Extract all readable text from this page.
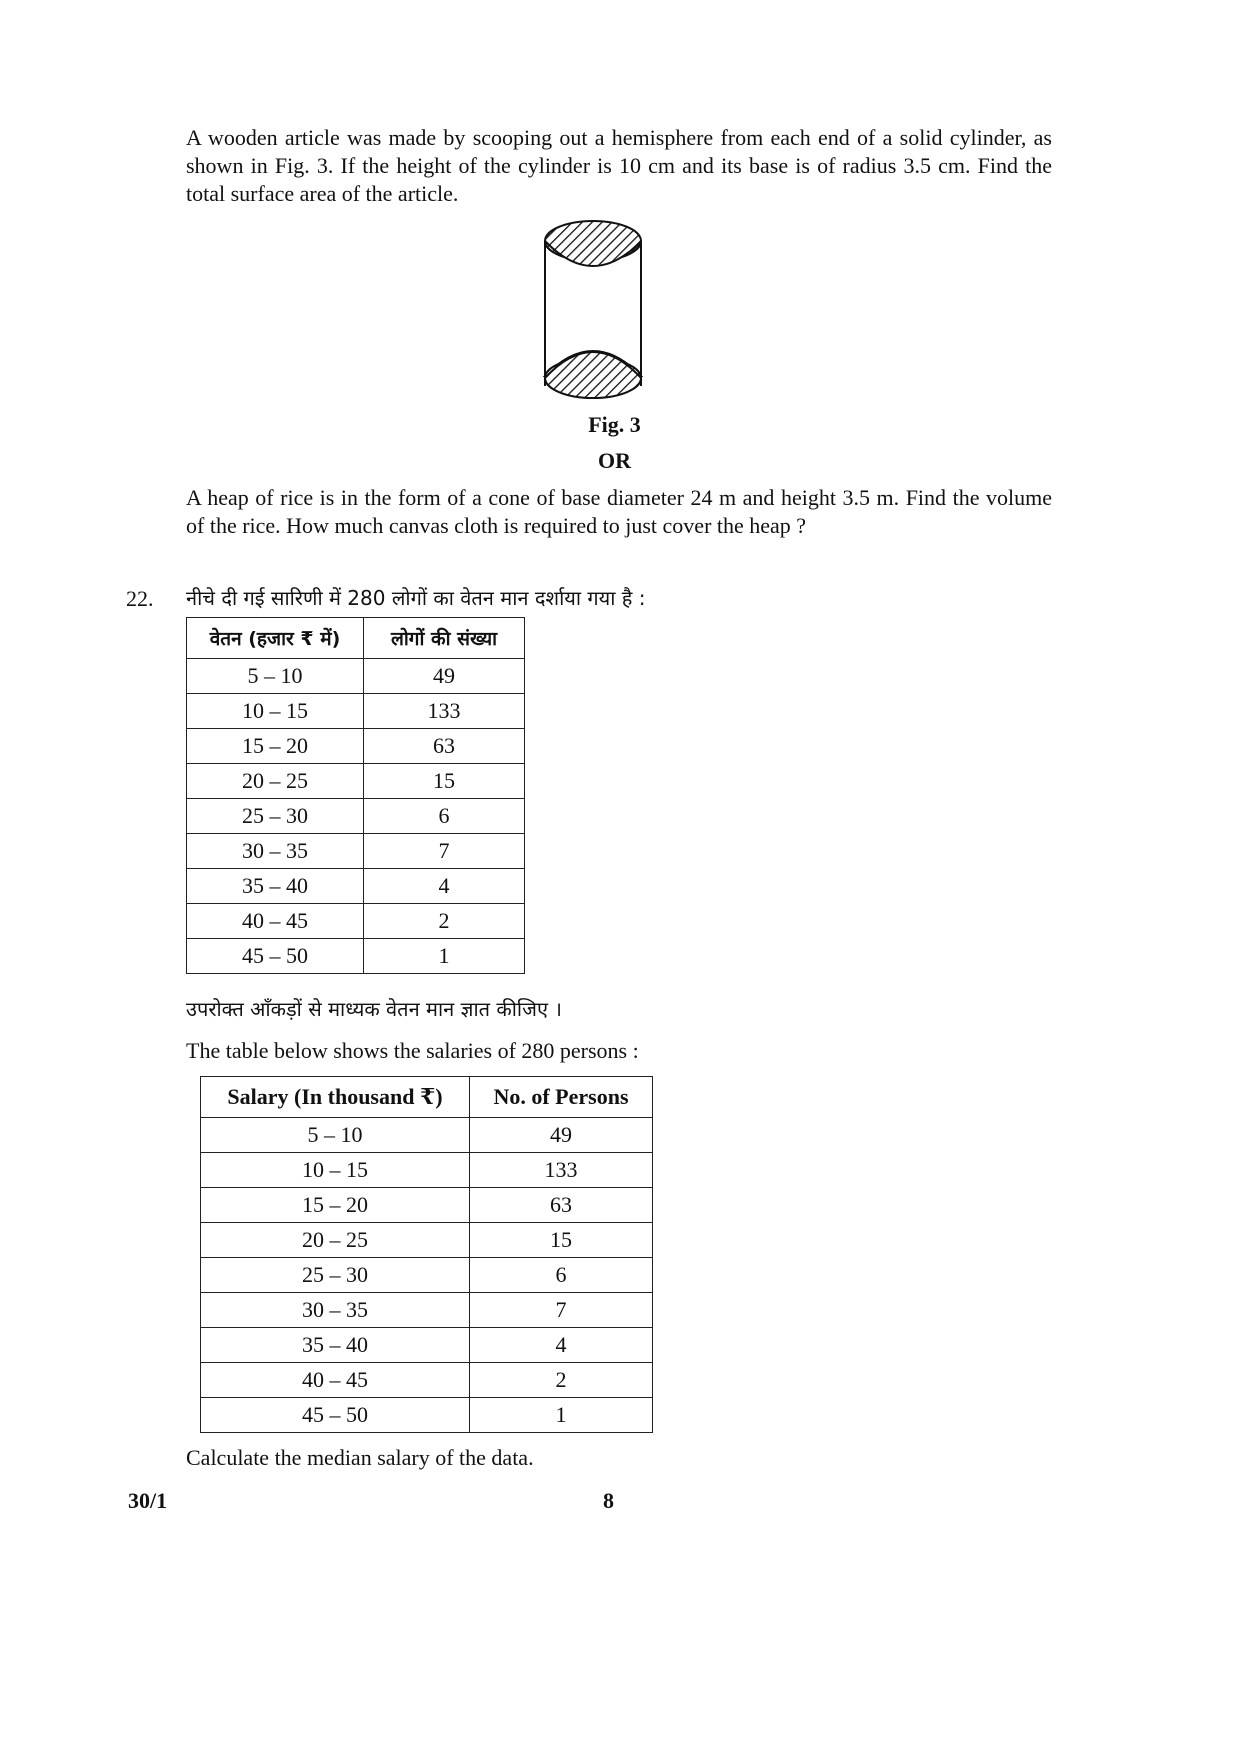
A wooden article was made by scooping out a hemisphere from each end of a solid cylinder, as shown in Fig. 3. If the height of the cylinder is 10 cm and its base is of radius 3.5 cm. Find the total surface area of the article.

Fig. 3
OR

A heap of rice is in the form of a cone of base diameter 24 m and height 3.5 m. Find the volume of the rice. How much canvas cloth is required to just cover the heap ?

22. नीचे दी गई सारिणी में 280 लोगों का वेतन मान दर्शाया गया है :
वेतन (हजार ₹ में)	लोगों की संख्या
5 – 10	49
10 – 15	133
15 – 20	63
20 – 25	15
25 – 30	6
30 – 35	7
35 – 40	4
40 – 45	2
45 – 50	1
उपरोक्त आँकड़ों से माध्यक वेतन मान ज्ञात कीजिए ।
The table below shows the salaries of 280 persons :
Salary (In thousand ₹)	No. of Persons
5 – 10	49
10 – 15	133
15 – 20	63
20 – 25	15
25 – 30	6
30 – 35	7
35 – 40	4
40 – 45	2
45 – 50	1
Calculate the median salary of the data.
30/1	8
